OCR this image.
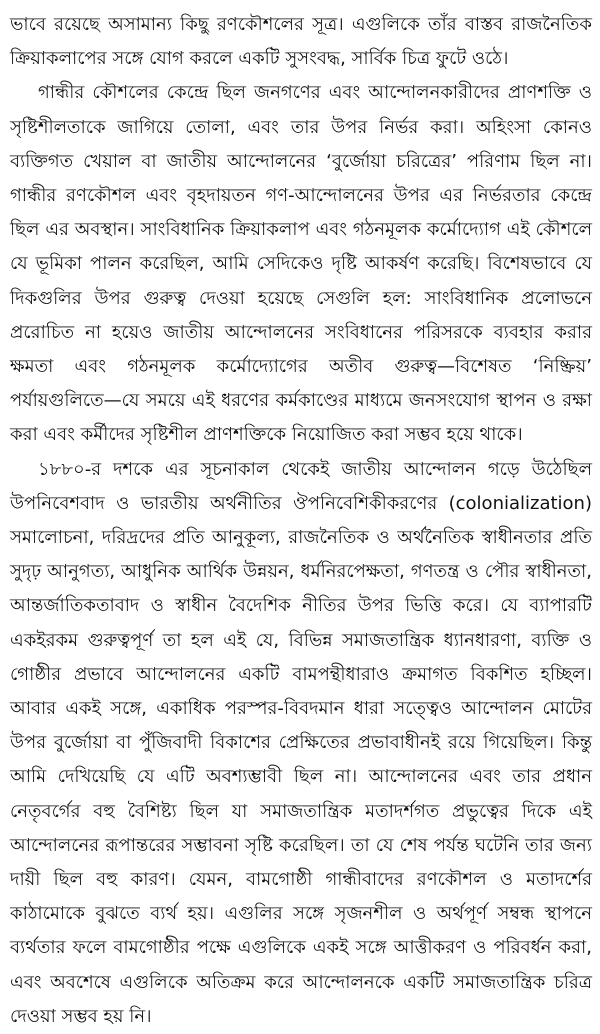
ভাবে রয়েছে অসামান্য কিছু রণকৌশলের সূত্র। এগুলিকে তাঁর বাস্তব রাজনৈতিক ক্রিয়াকলাপের সঙ্গে যোগ করলে একটি সুসংবদ্ধ, সার্বিক চিত্র ফুটে ওঠে।

গান্ধীর কৌশলের কেন্দ্রে ছিল জনগণের এবং আন্দোলনকারীদের প্রাণশক্তি ও সৃষ্টিশীলতাকে জাগিয়ে তোলা, এবং তার উপর নির্ভর করা। অহিংসা কোনও ব্যক্তিগত খেয়াল বা জাতীয় আন্দোলনের ‘বুর্জোয়া চরিত্রের’ পরিণাম ছিল না। গান্ধীর রণকৌশল এবং বৃহদায়তন গণ-আন্দোলনের উপর এর নির্ভরতার কেন্দ্রে ছিল এর অবস্থান। সাংবিধানিক ক্রিয়াকলাপ এবং গঠনমূলক কর্মোদ্যোগ এই কৌশলে যে ভূমিকা পালন করেছিল, আমি সেদিকেও দৃষ্টি আকর্ষণ করেছি। বিশেষভাবে যে দিকগুলির উপর গুরুত্ব দেওয়া হয়েছে সেগুলি হল: সাংবিধানিক প্রলোভনে প্ররোচিত না হয়েও জাতীয় আন্দোলনের সংবিধানের পরিসরকে ব্যবহার করার ক্ষমতা এবং গঠনমূলক কর্মোদ্যোগের অতীব গুরুত্ব—বিশেষত ‘নিষ্ক্রিয়’ পর্যায়গুলিতে—যে সময়ে এই ধরণের কর্মকাণ্ডের মাধ্যমে জনসংযোগ স্থাপন ও রক্ষা করা এবং কর্মীদের সৃষ্টিশীল প্রাণশক্তিকে নিয়োজিত করা সম্ভব হয়ে থাকে।

১৮৮০-র দশকে এর সূচনাকাল থেকেই জাতীয় আন্দোলন গড়ে উঠেছিল উপনিবেশবাদ ও ভারতীয় অর্থনীতির ঔপনিবেশিকীকরণের (colonialization) সমালোচনা, দরিদ্রদের প্রতি আনুকূল্য, রাজনৈতিক ও অর্থনৈতিক স্বাধীনতার প্রতি সুদৃঢ় আনুগত্য, আধুনিক আর্থিক উন্নয়ন, ধর্মনিরপেক্ষতা, গণতন্ত্র ও পৌর স্বাধীনতা, আন্তর্জাতিকতাবাদ ও স্বাধীন বৈদেশিক নীতির উপর ভিত্তি করে। যে ব্যাপারটি একইরকম গুরুত্বপূর্ণ তা হল এই যে, বিভিন্ন সমাজতান্ত্রিক ধ্যানধারণা, ব্যক্তি ও গোষ্ঠীর প্রভাবে আন্দোলনের একটি বামপন্থীধারাও ক্রমাগত বিকশিত হচ্ছিল। আবার একই সঙ্গে, একাধিক পরস্পর-বিবদমান ধারা সত্ত্বেও আন্দোলন মোটের উপর বুর্জোয়া বা পুঁজিবাদী বিকাশের প্রেক্ষিতের প্রভাবাধীনই রয়ে গিয়েছিল। কিন্তু আমি দেখিয়েছি যে এটি অবশ্যম্ভাবী ছিল না। আন্দোলনের এবং তার প্রধান নেতৃবর্গের বহু বৈশিষ্ট্য ছিল যা সমাজতান্ত্রিক মতাদর্শগত প্রভুত্বের দিকে এই আন্দোলনের রূপান্তরের সম্ভাবনা সৃষ্টি করেছিল। তা যে শেষ পর্যন্ত ঘটেনি তার জন্য দায়ী ছিল বহু কারণ। যেমন, বামগোষ্ঠী গান্ধীবাদের রণকৌশল ও মতাদর্শের কাঠামোকে বুঝতে ব্যর্থ হয়। এগুলির সঙ্গে সৃজনশীল ও অর্থপূর্ণ সম্বন্ধ স্থাপনে ব্যর্থতার ফলে বামগোষ্ঠীর পক্ষে এগুলিকে একই সঙ্গে আত্তীকরণ ও পরিবর্ধন করা, এবং অবশেষে এগুলিকে অতিক্রম করে আন্দোলনকে একটি সমাজতান্ত্রিক চরিত্র দেওয়া সম্ভব হয় নি।
